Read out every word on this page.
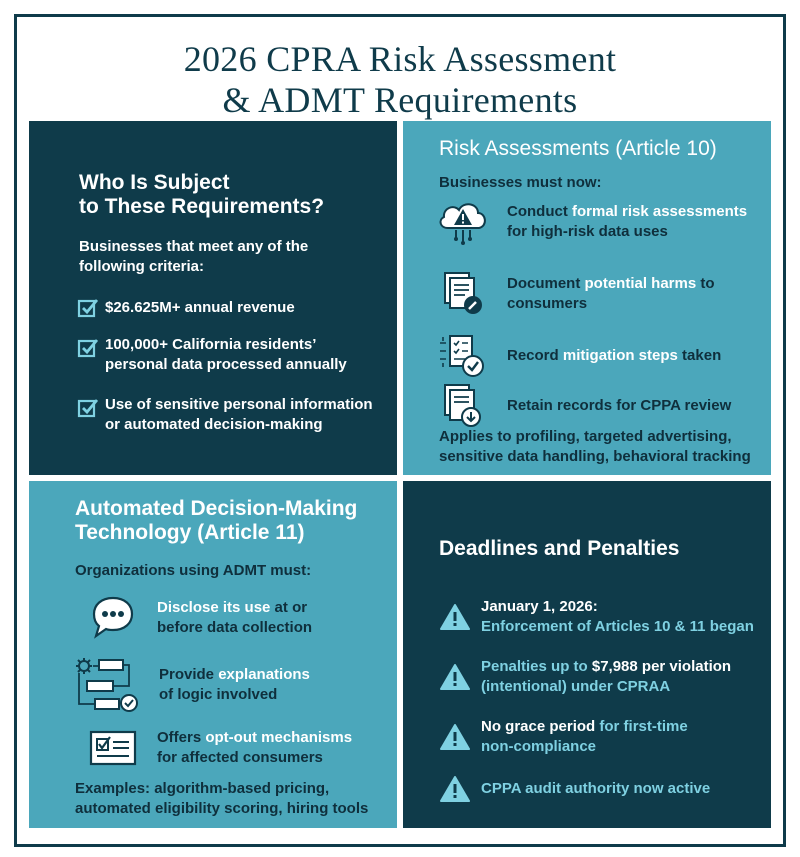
2026 CPRA Risk Assessment
& ADMT Requirements
Who Is Subject
to These Requirements?
Businesses that meet any of the
following criteria:
$26.625M+ annual revenue
100,000+ California residents’
personal data processed annually
Use of sensitive personal information
or automated decision-making
Risk Assessments (Article 10)
Businesses must now:
Conduct formal risk assessments
for high-risk data uses
Document potential harms to
consumers
Record mitigation steps taken
Retain records for CPPA review
Applies to profiling, targeted advertising,
sensitive data handling, behavioral tracking
Automated Decision-Making
Technology (Article 11)
Organizations using ADMT must:
Disclose its use at or
before data collection
Provide explanations
of logic involved
Offers opt-out mechanisms
for affected consumers
Examples: algorithm-based pricing,
automated eligibility scoring, hiring tools
Deadlines and Penalties
January 1, 2026:
Enforcement of Articles 10 & 11 began
Penalties up to $7,988 per violation
(intentional) under CPRAA
No grace period for first-time
non-compliance
CPPA audit authority now active
